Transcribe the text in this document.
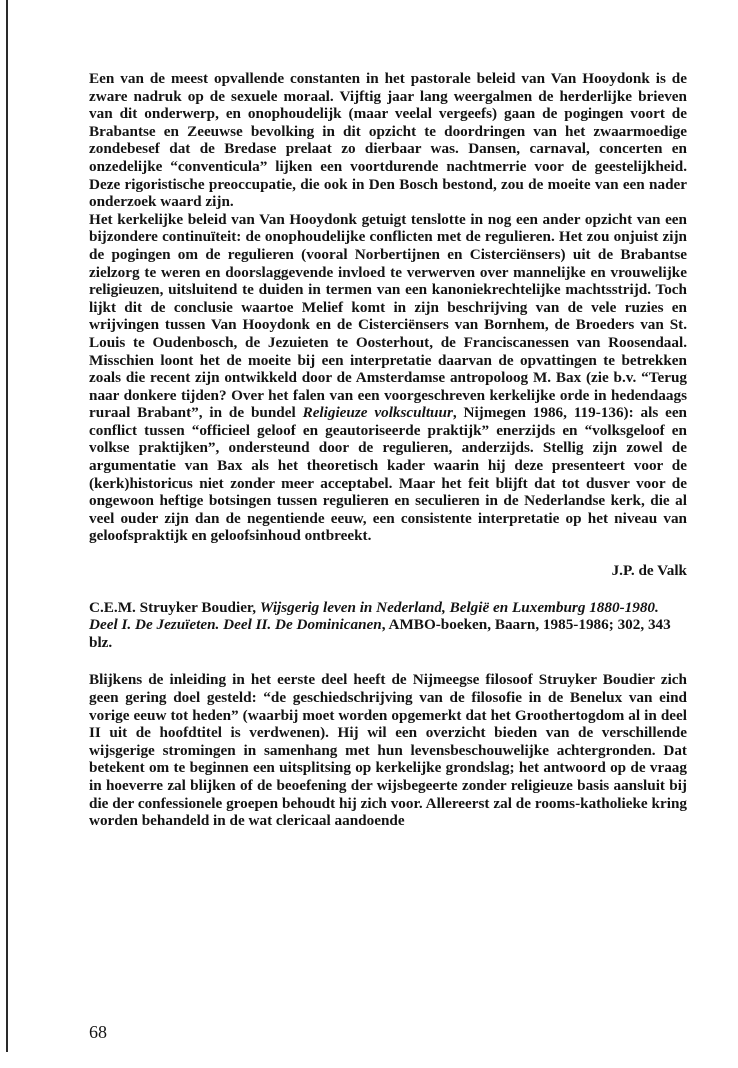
Een van de meest opvallende constanten in het pastorale beleid van Van Hooydonk is de zware nadruk op de sexuele moraal. Vijftig jaar lang weergalmen de herderlijke brieven van dit onderwerp, en onophoudelijk (maar veelal vergeefs) gaan de pogingen voort de Brabantse en Zeeuwse bevolking in dit opzicht te doordringen van het zwaarmoedige zondebesef dat de Bredase prelaat zo dierbaar was. Dansen, carnaval, concerten en onzedelijke “conventicula” lijken een voortdurende nachtmerrie voor de geestelijkheid. Deze rigoristische preoccupatie, die ook in Den Bosch bestond, zou de moeite van een nader onderzoek waard zijn.

Het kerkelijke beleid van Van Hooydonk getuigt tenslotte in nog een ander opzicht van een bijzondere continuïteit: de onophoudelijke conflicten met de regulieren. Het zou onjuist zijn de pogingen om de regulieren (vooral Norbertijnen en Cisterciënsers) uit de Brabantse zielzorg te weren en doorslaggevende invloed te verwerven over mannelijke en vrouwelijke religieuzen, uitsluitend te duiden in termen van een kanoniekrechtelijke machtsstrijd. Toch lijkt dit de conclusie waartoe Melief komt in zijn beschrijving van de vele ruzies en wrijvingen tussen Van Hooydonk en de Cisterciënsers van Bornhem, de Broeders van St. Louis te Oudenbosch, de Jezuieten te Oosterhout, de Franciscanessen van Roosendaal. Misschien loont het de moeite bij een interpretatie daarvan de opvattingen te betrekken zoals die recent zijn ontwikkeld door de Amsterdamse antropoloog M. Bax (zie b.v. “Terug naar donkere tijden? Over het falen van een voorgeschreven kerkelijke orde in hedendaags ruraal Brabant”, in de bundel Religieuze volkscultuur, Nijmegen 1986, 119-136): als een conflict tussen “officieel geloof en geautoriseerde praktijk” enerzijds en “volksgeloof en volkse praktijken”, ondersteund door de regulieren, anderzijds. Stellig zijn zowel de argumentatie van Bax als het theoretisch kader waarin hij deze presenteert voor de (kerk)historicus niet zonder meer acceptabel. Maar het feit blijft dat tot dusver voor de ongewoon heftige botsingen tussen regulieren en seculieren in de Nederlandse kerk, die al veel ouder zijn dan de negentiende eeuw, een consistente interpretatie op het niveau van geloofspraktijk en geloofsinhoud ontbreekt.

J.P. de Valk

C.E.M. Struyker Boudier, Wijsgerig leven in Nederland, België en Luxemburg 1880-1980. Deel I. De Jezuïeten. Deel II. De Dominicanen, AMBO-boeken, Baarn, 1985-1986; 302, 343 blz.

Blijkens de inleiding in het eerste deel heeft de Nijmeegse filosoof Struyker Boudier zich geen gering doel gesteld: “de geschiedschrijving van de filosofie in de Benelux van eind vorige eeuw tot heden” (waarbij moet worden opgemerkt dat het Groothertogdom al in deel II uit de hoofdtitel is verdwenen). Hij wil een overzicht bieden van de verschillende wijsgerige stromingen in samenhang met hun levensbeschouwelijke achtergronden. Dat betekent om te beginnen een uitsplitsing op kerkelijke grondslag; het antwoord op de vraag in hoeverre zal blijken of de beoefening der wijsbegeerte zonder religieuze basis aansluit bij die der confessionele groepen behoudt hij zich voor. Allereerst zal de rooms-katholieke kring worden behandeld in de wat clericaal aandoende

68
